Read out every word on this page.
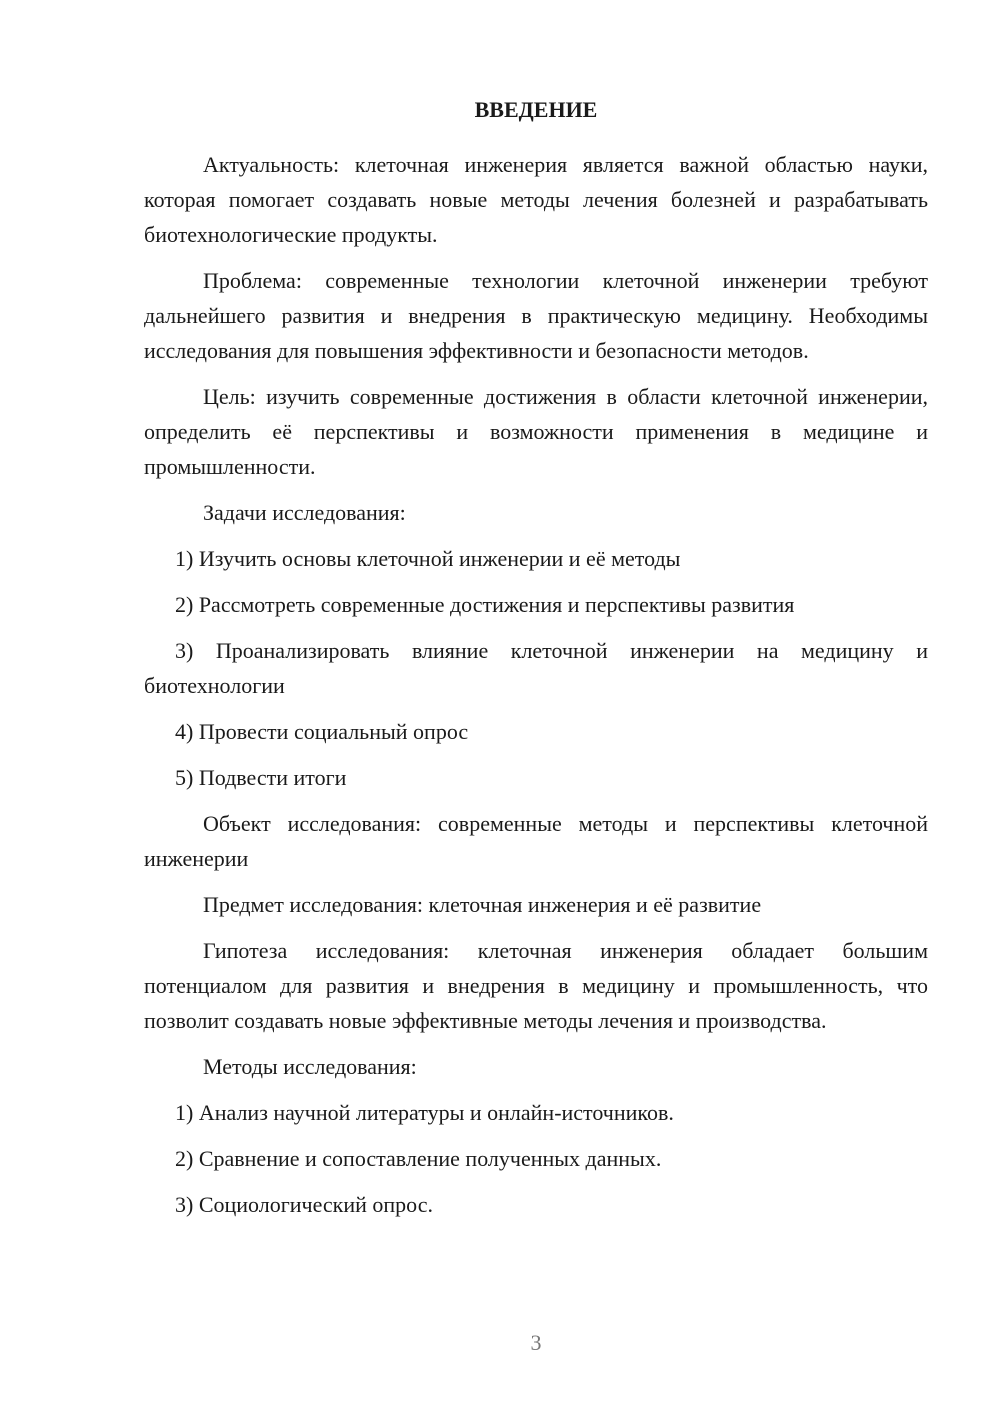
ВВЕДЕНИЕ
Актуальность: клеточная инженерия является важной областью науки, которая помогает создавать новые методы лечения болезней и разрабатывать биотехнологические продукты.
Проблема: современные технологии клеточной инженерии требуют дальнейшего развития и внедрения в практическую медицину. Необходимы исследования для повышения эффективности и безопасности методов.
Цель: изучить современные достижения в области клеточной инженерии, определить её перспективы и возможности применения в медицине и промышленности.
Задачи исследования:
1) Изучить основы клеточной инженерии и её методы
2) Рассмотреть современные достижения и перспективы развития
3) Проанализировать влияние клеточной инженерии на медицину и биотехнологии
4) Провести социальный опрос
5) Подвести итоги
Объект исследования: современные методы и перспективы клеточной инженерии
Предмет исследования: клеточная инженерия и её развитие
Гипотеза исследования: клеточная инженерия обладает большим потенциалом для развития и внедрения в медицину и промышленность, что позволит создавать новые эффективные методы лечения и производства.
Методы исследования:
1) Анализ научной литературы и онлайн-источников.
2) Сравнение и сопоставление полученных данных.
3) Социологический опрос.
3
